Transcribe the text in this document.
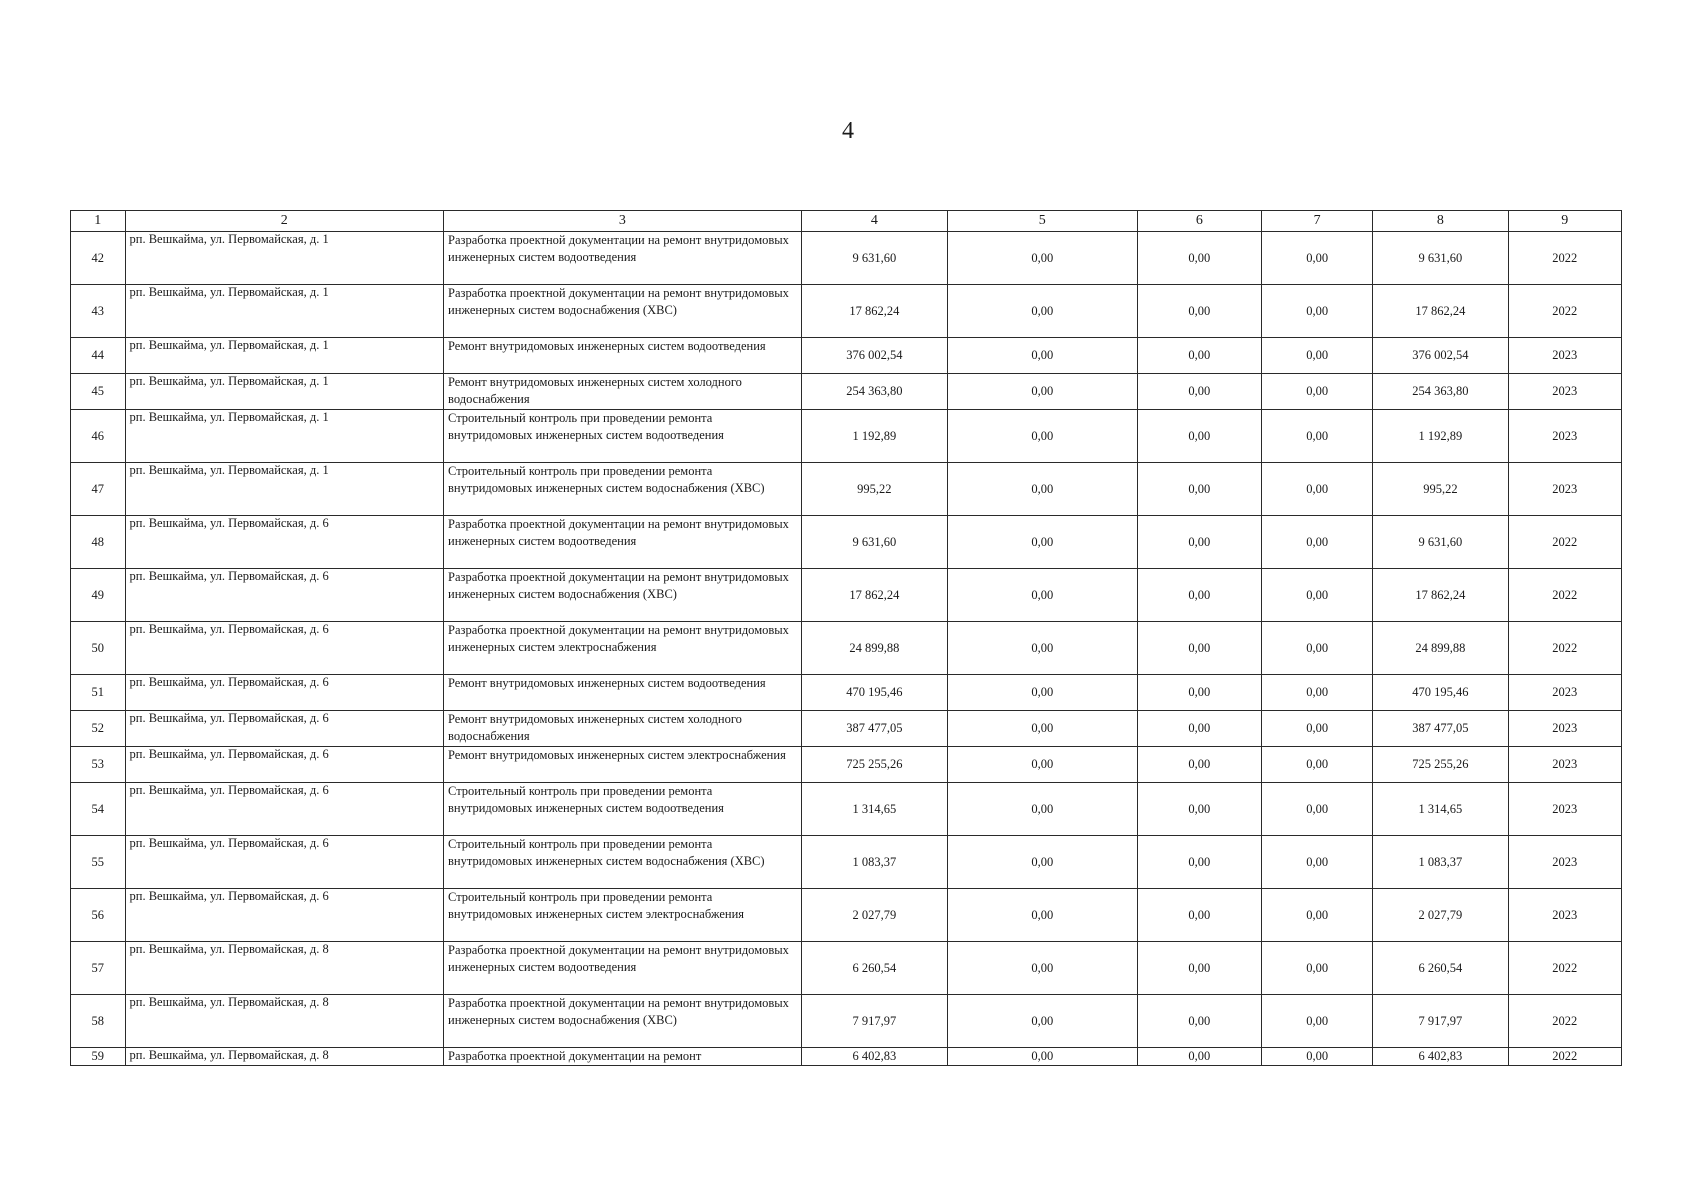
4
1	2	3	4	5	6	7	8	9
42	рп. Вешкайма, ул. Первомайская, д. 1	Разработка проектной документации на ремонт внутридомовых инженерных систем водоотведения	9 631,60	0,00	0,00	0,00	9 631,60	2022
43	рп. Вешкайма, ул. Первомайская, д. 1	Разработка проектной документации на ремонт внутридомовых инженерных систем водоснабжения (ХВС)	17 862,24	0,00	0,00	0,00	17 862,24	2022
44	рп. Вешкайма, ул. Первомайская, д. 1	Ремонт внутридомовых инженерных систем водоотведения	376 002,54	0,00	0,00	0,00	376 002,54	2023
45	рп. Вешкайма, ул. Первомайская, д. 1	Ремонт внутридомовых инженерных систем холодного водоснабжения	254 363,80	0,00	0,00	0,00	254 363,80	2023
46	рп. Вешкайма, ул. Первомайская, д. 1	Строительный контроль при проведении ремонта внутридомовых инженерных систем водоотведения	1 192,89	0,00	0,00	0,00	1 192,89	2023
47	рп. Вешкайма, ул. Первомайская, д. 1	Строительный контроль при проведении ремонта внутридомовых инженерных систем водоснабжения (ХВС)	995,22	0,00	0,00	0,00	995,22	2023
48	рп. Вешкайма, ул. Первомайская, д. 6	Разработка проектной документации на ремонт внутридомовых инженерных систем водоотведения	9 631,60	0,00	0,00	0,00	9 631,60	2022
49	рп. Вешкайма, ул. Первомайская, д. 6	Разработка проектной документации на ремонт внутридомовых инженерных систем водоснабжения (ХВС)	17 862,24	0,00	0,00	0,00	17 862,24	2022
50	рп. Вешкайма, ул. Первомайская, д. 6	Разработка проектной документации на ремонт внутридомовых инженерных систем электроснабжения	24 899,88	0,00	0,00	0,00	24 899,88	2022
51	рп. Вешкайма, ул. Первомайская, д. 6	Ремонт внутридомовых инженерных систем водоотведения	470 195,46	0,00	0,00	0,00	470 195,46	2023
52	рп. Вешкайма, ул. Первомайская, д. 6	Ремонт внутридомовых инженерных систем холодного водоснабжения	387 477,05	0,00	0,00	0,00	387 477,05	2023
53	рп. Вешкайма, ул. Первомайская, д. 6	Ремонт внутридомовых инженерных систем электроснабжения	725 255,26	0,00	0,00	0,00	725 255,26	2023
54	рп. Вешкайма, ул. Первомайская, д. 6	Строительный контроль при проведении ремонта внутридомовых инженерных систем водоотведения	1 314,65	0,00	0,00	0,00	1 314,65	2023
55	рп. Вешкайма, ул. Первомайская, д. 6	Строительный контроль при проведении ремонта внутридомовых инженерных систем водоснабжения (ХВС)	1 083,37	0,00	0,00	0,00	1 083,37	2023
56	рп. Вешкайма, ул. Первомайская, д. 6	Строительный контроль при проведении ремонта внутридомовых инженерных систем электроснабжения	2 027,79	0,00	0,00	0,00	2 027,79	2023
57	рп. Вешкайма, ул. Первомайская, д. 8	Разработка проектной документации на ремонт внутридомовых инженерных систем водоотведения	6 260,54	0,00	0,00	0,00	6 260,54	2022
58	рп. Вешкайма, ул. Первомайская, д. 8	Разработка проектной документации на ремонт внутридомовых инженерных систем водоснабжения (ХВС)	7 917,97	0,00	0,00	0,00	7 917,97	2022
59	рп. Вешкайма, ул. Первомайская, д. 8	Разработка проектной документации на ремонт	6 402,83	0,00	0,00	0,00	6 402,83	2022
